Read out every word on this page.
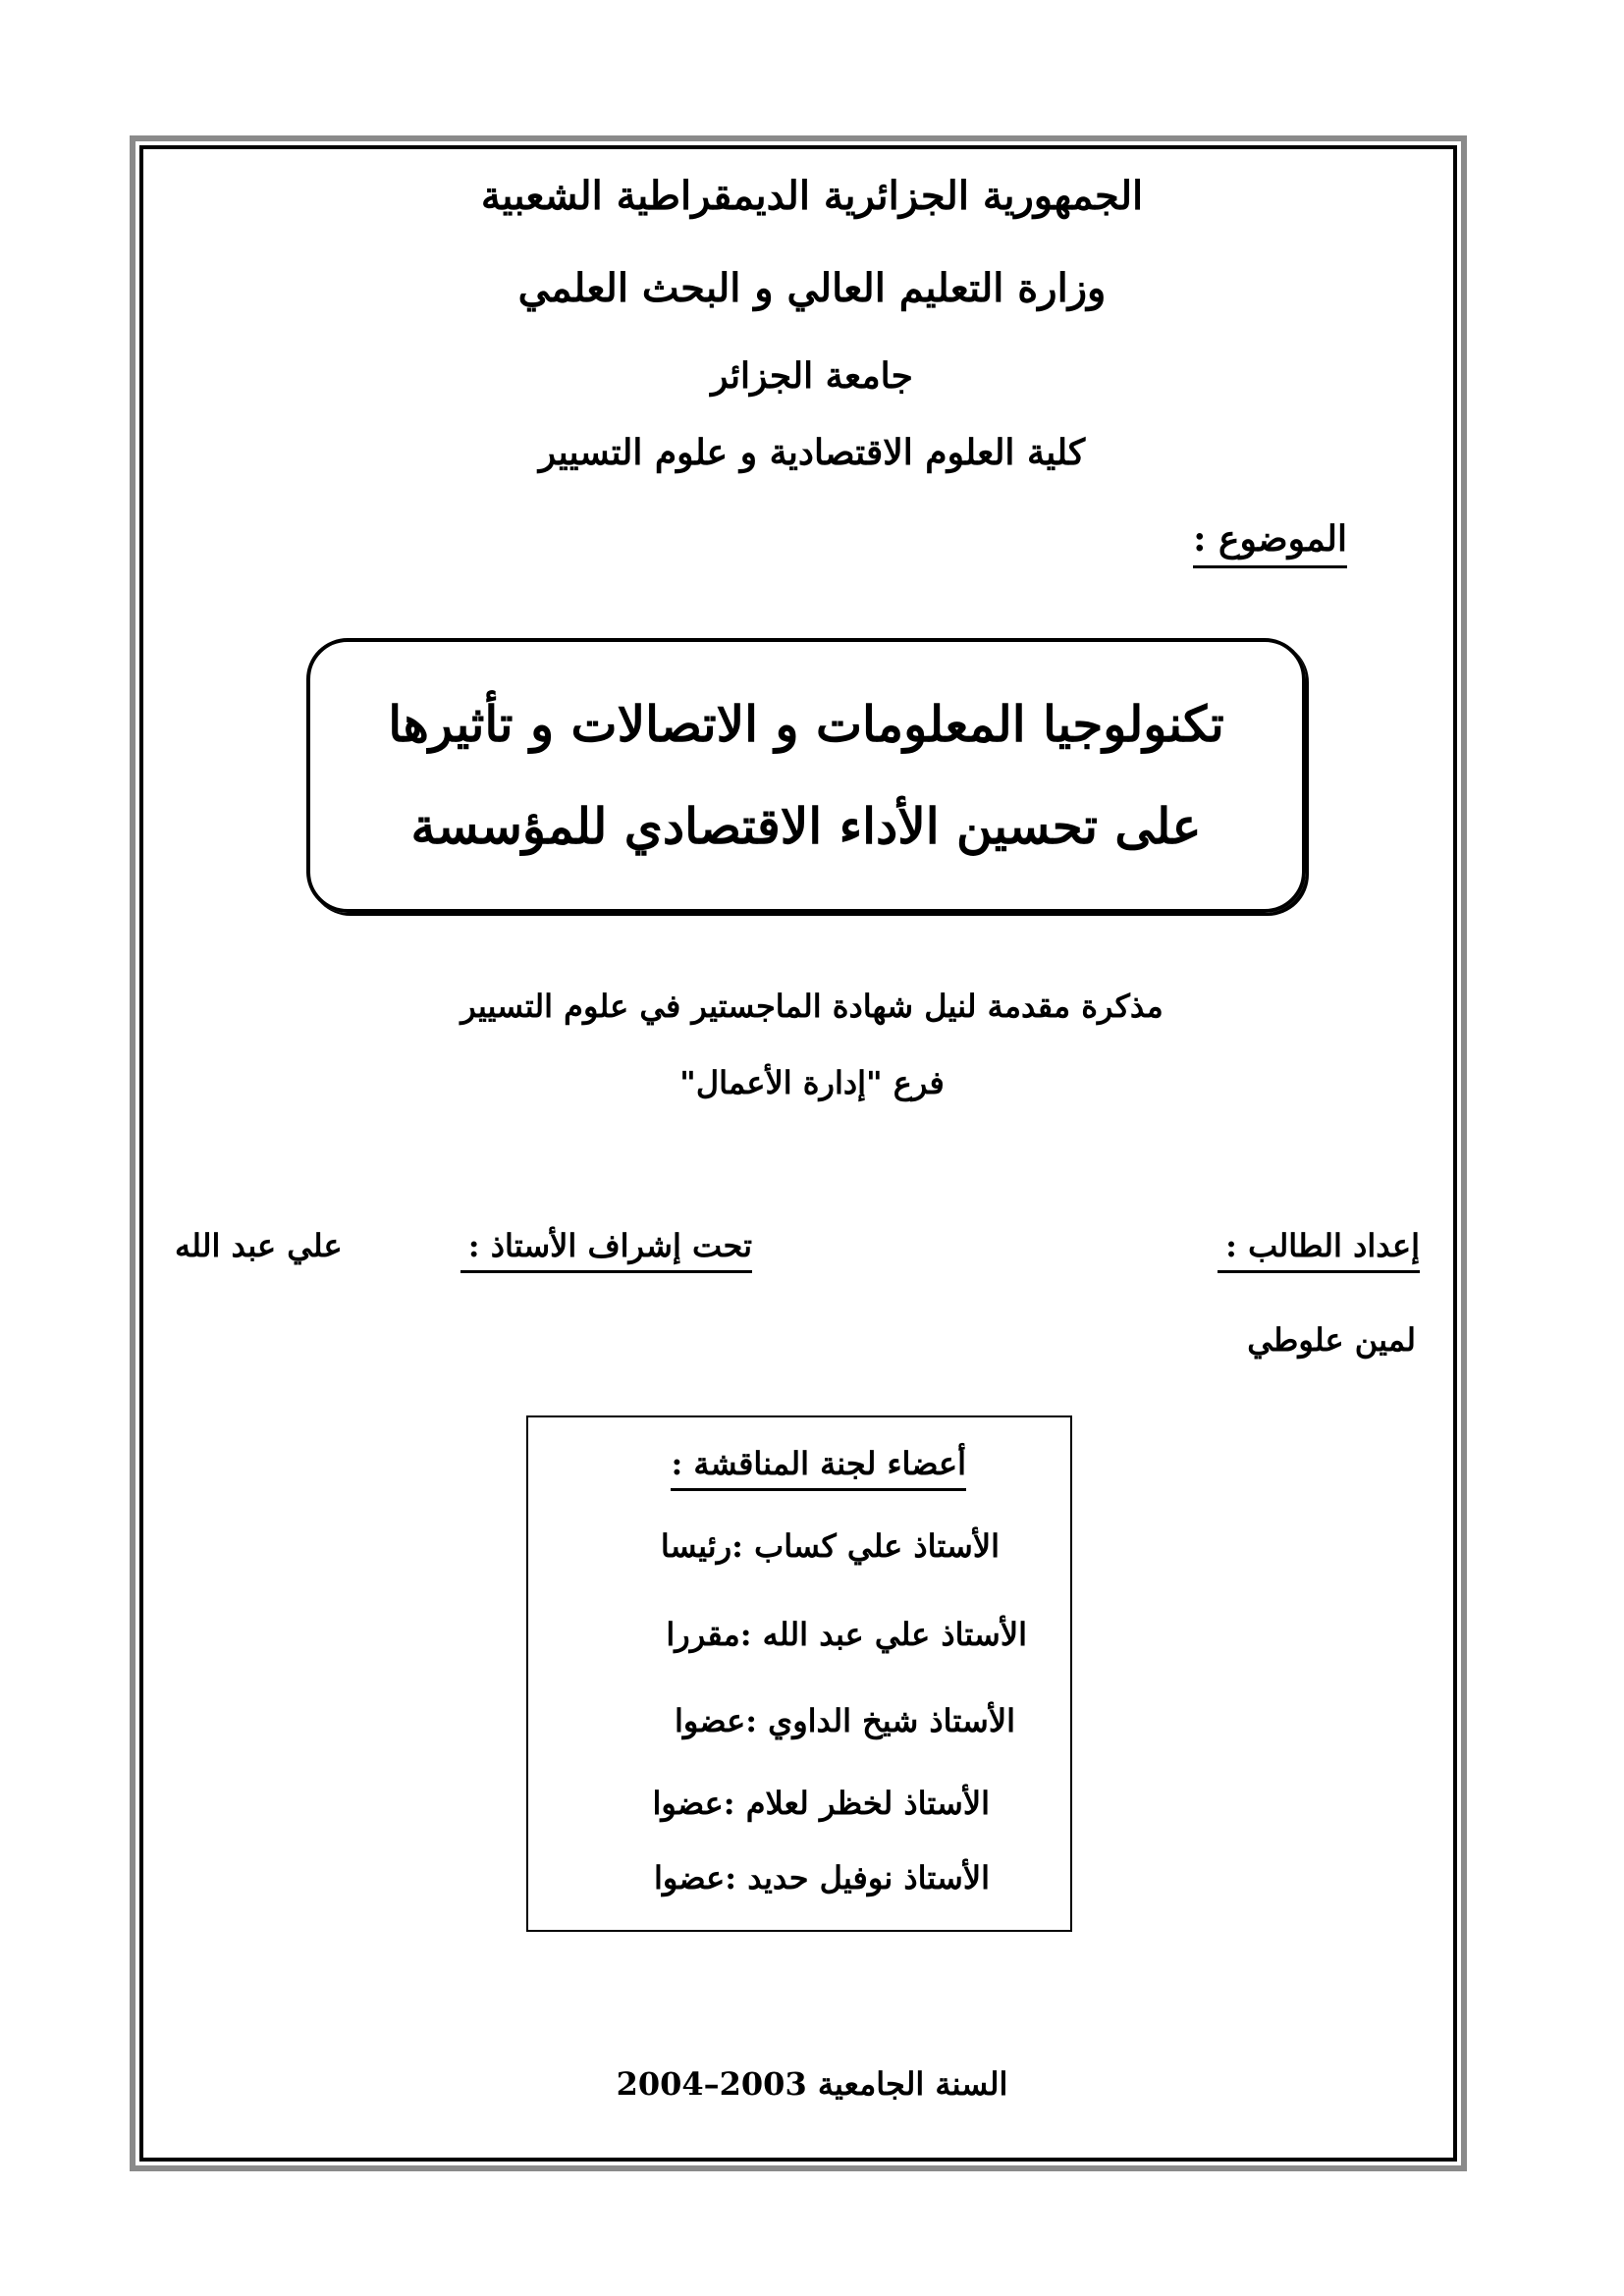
الجمهورية الجزائرية الديمقراطية الشعبية
وزارة التعليم العالي و البحث العلمي
جامعة الجزائر
كلية العلوم الاقتصادية و علوم التسيير
الموضوع :
تكنولوجيا المعلومات و الاتصالات و تأثيرها
على تحسين الأداء الاقتصادي للمؤسسة
مذكرة مقدمة لنيل شهادة الماجستير في علوم التسيير
فرع "إدارة الأعمال"
إعداد الطالب :
لمين علوطي
تحت إشراف الأستاذ :
علي عبد الله
أعضاء لجنة المناقشة :
الأستاذ علي كساب :رئيسا
الأستاذ علي عبد الله :مقررا
الأستاذ شيخ الداوي :عضوا
الأستاذ لخظر لعلام :عضوا
الأستاذ نوفيل حديد :عضوا
السنة الجامعية 2003–2004
